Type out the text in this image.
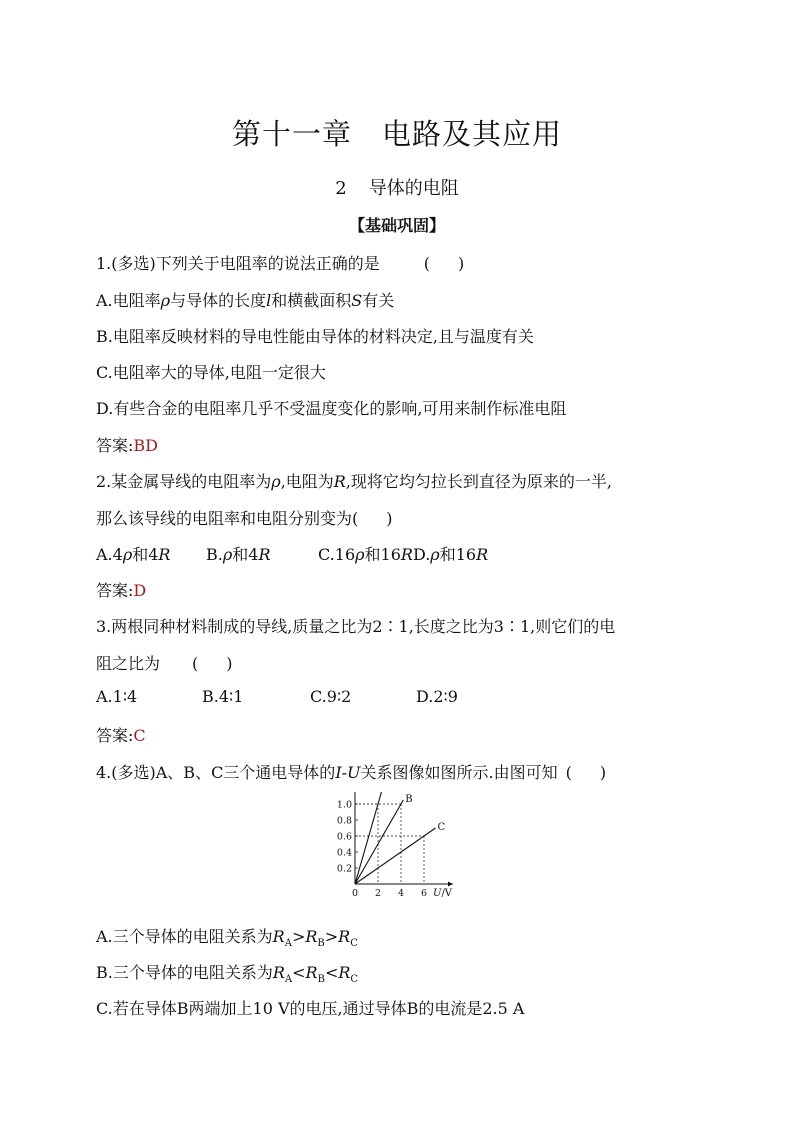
第十一章 电路及其应用
2 导体的电阻
【基础巩固】
1.(多选)下列关于电阻率的说法正确的是	( )
A.电阻率ρ与导体的长度l和横截面积S有关
B.电阻率反映材料的导电性能由导体的材料决定,且与温度有关
C.电阻率大的导体,电阻一定很大
D.有些合金的电阻率几乎不受温度变化的影响,可用来制作标准电阻
答案:BD
2.某金属导线的电阻率为ρ,电阻为R,现将它均匀拉长到直径为原来的一半,
那么该导线的电阻率和电阻分别变为( )
A.4ρ和4R B.ρ和4R	C.16ρ和16RD.ρ和16R
答案:D
3.两根同种材料制成的导线,质量之比为2∶1,长度之比为3∶1,则它们的电
阻之比为 ( )
A.1∶4	B.4∶1	C.9∶2	D.2∶9
答案:C
4.(多选)A、B、C三个通电导体的I-U关系图像如图所示.由图可知 ( )
0.2
0.4
0.6
0.8
1.0
0 2 4 6 U/V
B
C
A.三个导体的电阻关系为$R_A>R_B>R_C$
B.三个导体的电阻关系为$R_A<R_B<R_C$
C.若在导体B两端加上10 V的电压,通过导体B的电流是2.5 A
